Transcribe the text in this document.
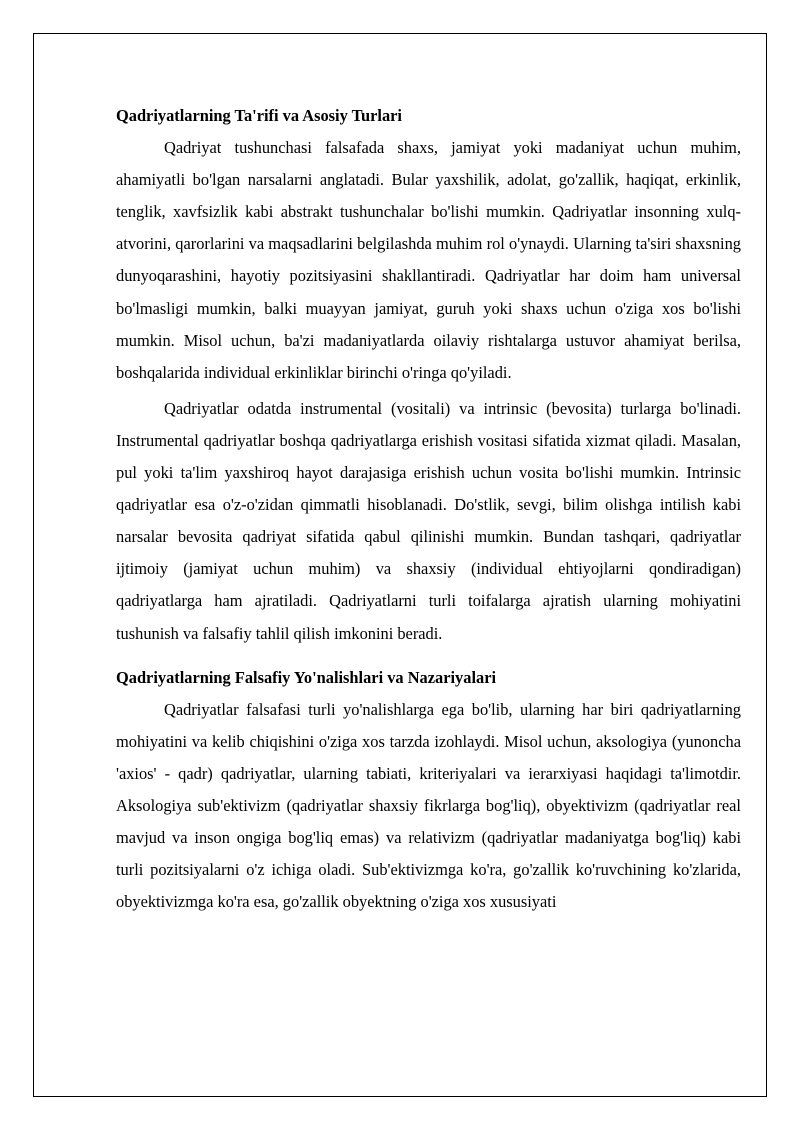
Qadriyatlarning Ta'rifi va Asosiy Turlari

Qadriyat tushunchasi falsafada shaxs, jamiyat yoki madaniyat uchun muhim, ahamiyatli bo'lgan narsalarni anglatadi. Bular yaxshilik, adolat, go'zallik, haqiqat, erkinlik, tenglik, xavfsizlik kabi abstrakt tushunchalar bo'lishi mumkin. Qadriyatlar insonning xulq-atvorini, qarorlarini va maqsadlarini belgilashda muhim rol o'ynaydi. Ularning ta'siri shaxsning dunyoqarashini, hayotiy pozitsiyasini shakllantiradi. Qadriyatlar har doim ham universal bo'lmasligi mumkin, balki muayyan jamiyat, guruh yoki shaxs uchun o'ziga xos bo'lishi mumkin. Misol uchun, ba'zi madaniyatlarda oilaviy rishtalarga ustuvor ahamiyat berilsa, boshqalarida individual erkinliklar birinchi o'ringa qo'yiladi.

Qadriyatlar odatda instrumental (vositali) va intrinsic (bevosita) turlarga bo'linadi. Instrumental qadriyatlar boshqa qadriyatlarga erishish vositasi sifatida xizmat qiladi. Masalan, pul yoki ta'lim yaxshiroq hayot darajasiga erishish uchun vosita bo'lishi mumkin. Intrinsic qadriyatlar esa o'z-o'zidan qimmatli hisoblanadi. Do'stlik, sevgi, bilim olishga intilish kabi narsalar bevosita qadriyat sifatida qabul qilinishi mumkin. Bundan tashqari, qadriyatlar ijtimoiy (jamiyat uchun muhim) va shaxsiy (individual ehtiyojlarni qondiradigan) qadriyatlarga ham ajratiladi. Qadriyatlarni turli toifalarga ajratish ularning mohiyatini tushunish va falsafiy tahlil qilish imkonini beradi.

Qadriyatlarning Falsafiy Yo'nalishlari va Nazariyalari

Qadriyatlar falsafasi turli yo'nalishlarga ega bo'lib, ularning har biri qadriyatlarning mohiyatini va kelib chiqishini o'ziga xos tarzda izohlaydi. Misol uchun, aksologiya (yunoncha 'axios' - qadr) qadriyatlar, ularning tabiati, kriteriyalari va ierarxiyasi haqidagi ta'limotdir. Aksologiya sub'ektivizm (qadriyatlar shaxsiy fikrlarga bog'liq), obyektivizm (qadriyatlar real mavjud va inson ongiga bog'liq emas) va relativizm (qadriyatlar madaniyatga bog'liq) kabi turli pozitsiyalarni o'z ichiga oladi. Sub'ektivizmga ko'ra, go'zallik ko'ruvchining ko'zlarida, obyektivizmga ko'ra esa, go'zallik obyektning o'ziga xos xususiyati
